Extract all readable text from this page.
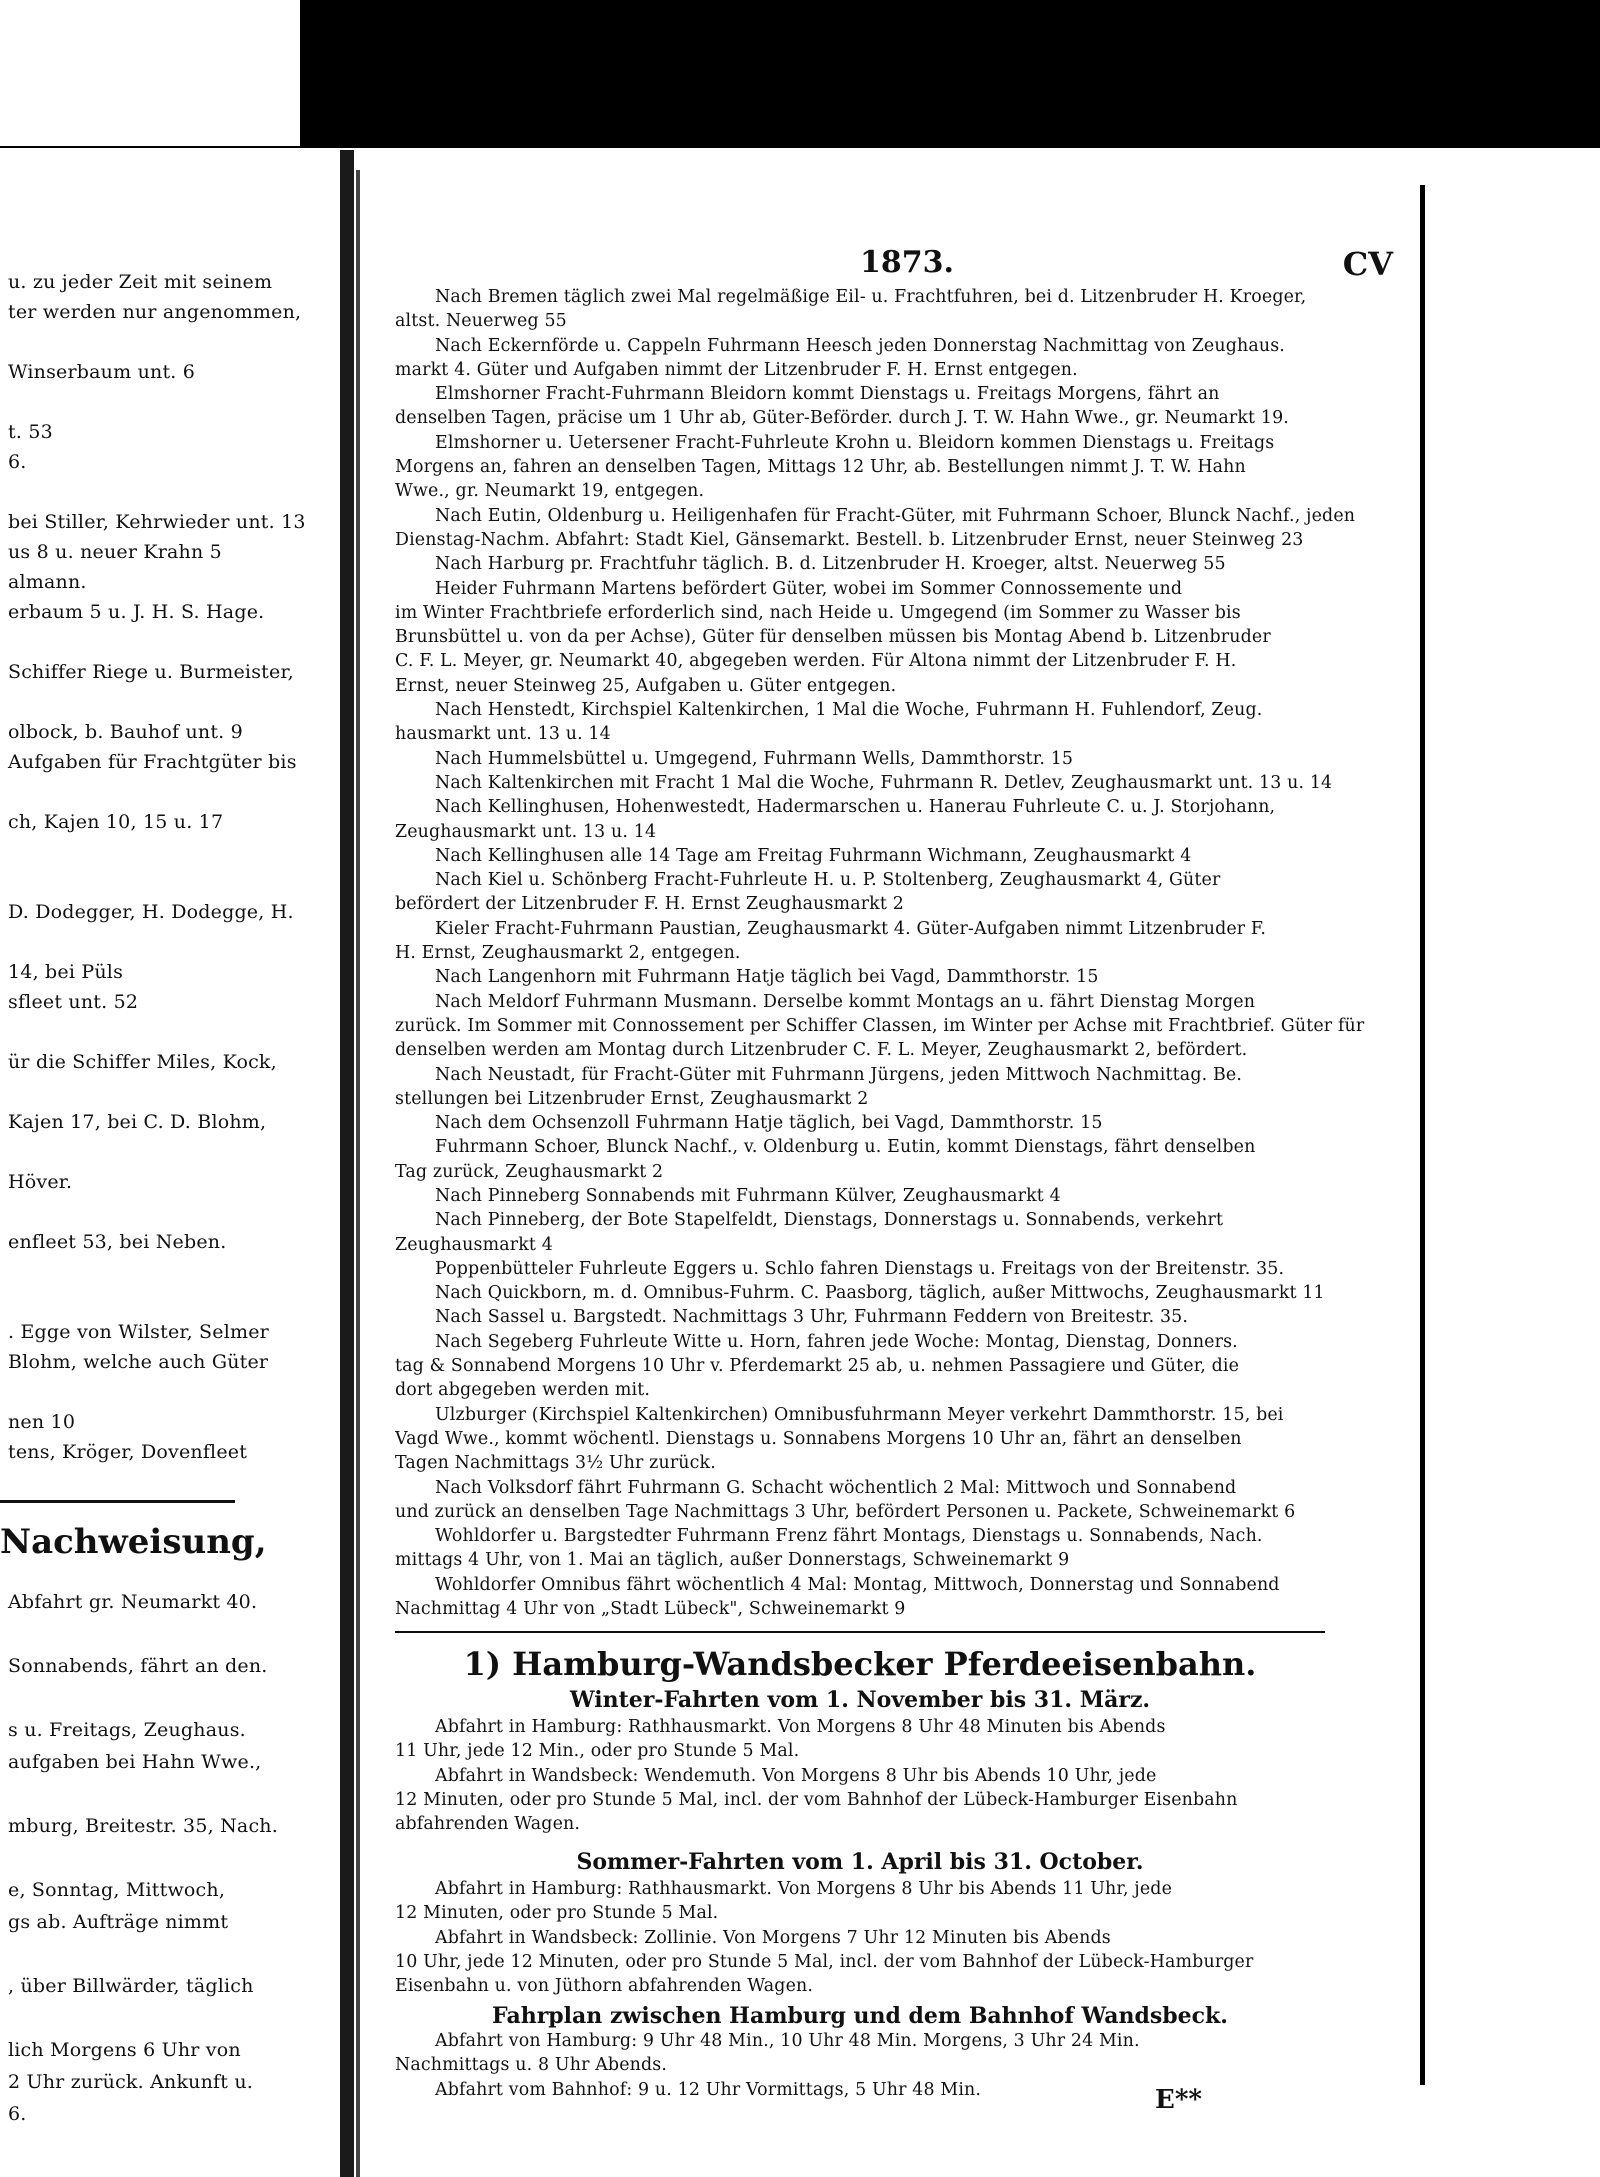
u. zu jeder Zeit mit seinem
ter werden nur angenommen,
Winserbaum unt. 6
t. 53
6.
bei Stiller, Kehrwieder unt. 13
us 8 u. neuer Krahn 5
almann.
erbaum 5 u. J. H. S. Hage.
Schiffer Riege u. Burmeister,
olbock, b. Bauhof unt. 9
Aufgaben für Frachtgüter bis
ch, Kajen 10, 15 u. 17
D. Dodegger, H. Dodegge, H.
14, bei Püls
sfleet unt. 52
ür die Schiffer Miles, Kock,
Kajen 17, bei C. D. Blohm,
Höver.
enfleet 53, bei Neben.
. Egge von Wilster, Selmer
Blohm, welche auch Güter
nen 10
tens, Kröger, Dovenfleet
Nachweisung,
Abfahrt gr. Neumarkt 40.
Sonnabends, fährt an den.
s u. Freitags, Zeughaus.
aufgaben bei Hahn Wwe.,
mburg, Breitestr. 35, Nach.
e, Sonntag, Mittwoch,
gs ab. Aufträge nimmt
, über Billwärder, täglich
lich Morgens 6 Uhr von
2 Uhr zurück. Ankunft u.
6.
1873.	CV
Nach Bremen täglich zwei Mal regelmäßige Eil- u. Frachtfuhren, bei d. Litzenbruder H. Kroeger,
altst. Neuerweg 55
Nach Eckernförde u. Cappeln Fuhrmann Heesch jeden Donnerstag Nachmittag von Zeughaus.
markt 4. Güter und Aufgaben nimmt der Litzenbruder F. H. Ernst entgegen.
Elmshorner Fracht-Fuhrmann Bleidorn kommt Dienstags u. Freitags Morgens, fährt an
denselben Tagen, präcise um 1 Uhr ab, Güter-Beförder. durch J. T. W. Hahn Wwe., gr. Neumarkt 19.
Elmshorner u. Uetersener Fracht-Fuhrleute Krohn u. Bleidorn kommen Dienstags u. Freitags
Morgens an, fahren an denselben Tagen, Mittags 12 Uhr, ab. Bestellungen nimmt J. T. W. Hahn
Wwe., gr. Neumarkt 19, entgegen.
Nach Eutin, Oldenburg u. Heiligenhafen für Fracht-Güter, mit Fuhrmann Schoer, Blunck Nachf., jeden
Dienstag-Nachm. Abfahrt: Stadt Kiel, Gänsemarkt. Bestell. b. Litzenbruder Ernst, neuer Steinweg 23
Nach Harburg pr. Frachtfuhr täglich. B. d. Litzenbruder H. Kroeger, altst. Neuerweg 55
Heider Fuhrmann Martens befördert Güter, wobei im Sommer Connossemente und
im Winter Frachtbriefe erforderlich sind, nach Heide u. Umgegend (im Sommer zu Wasser bis
Brunsbüttel u. von da per Achse), Güter für denselben müssen bis Montag Abend b. Litzenbruder
C. F. L. Meyer, gr. Neumarkt 40, abgegeben werden. Für Altona nimmt der Litzenbruder F. H.
Ernst, neuer Steinweg 25, Aufgaben u. Güter entgegen.
Nach Henstedt, Kirchspiel Kaltenkirchen, 1 Mal die Woche, Fuhrmann H. Fuhlendorf, Zeug.
hausmarkt unt. 13 u. 14
Nach Hummelsbüttel u. Umgegend, Fuhrmann Wells, Dammthorstr. 15
Nach Kaltenkirchen mit Fracht 1 Mal die Woche, Fuhrmann R. Detlev, Zeughausmarkt unt. 13 u. 14
Nach Kellinghusen, Hohenwestedt, Hadermarschen u. Hanerau Fuhrleute C. u. J. Storjohann,
Zeughausmarkt unt. 13 u. 14
Nach Kellinghusen alle 14 Tage am Freitag Fuhrmann Wichmann, Zeughausmarkt 4
Nach Kiel u. Schönberg Fracht-Fuhrleute H. u. P. Stoltenberg, Zeughausmarkt 4, Güter
befördert der Litzenbruder F. H. Ernst Zeughausmarkt 2
Kieler Fracht-Fuhrmann Paustian, Zeughausmarkt 4. Güter-Aufgaben nimmt Litzenbruder F.
H. Ernst, Zeughausmarkt 2, entgegen.
Nach Langenhorn mit Fuhrmann Hatje täglich bei Vagd, Dammthorstr. 15
Nach Meldorf Fuhrmann Musmann. Derselbe kommt Montags an u. fährt Dienstag Morgen
zurück. Im Sommer mit Connossement per Schiffer Classen, im Winter per Achse mit Frachtbrief. Güter für
denselben werden am Montag durch Litzenbruder C. F. L. Meyer, Zeughausmarkt 2, befördert.
Nach Neustadt, für Fracht-Güter mit Fuhrmann Jürgens, jeden Mittwoch Nachmittag. Be.
stellungen bei Litzenbruder Ernst, Zeughausmarkt 2
Nach dem Ochsenzoll Fuhrmann Hatje täglich, bei Vagd, Dammthorstr. 15
Fuhrmann Schoer, Blunck Nachf., v. Oldenburg u. Eutin, kommt Dienstags, fährt denselben
Tag zurück, Zeughausmarkt 2
Nach Pinneberg Sonnabends mit Fuhrmann Külver, Zeughausmarkt 4
Nach Pinneberg, der Bote Stapelfeldt, Dienstags, Donnerstags u. Sonnabends, verkehrt
Zeughausmarkt 4
Poppenbütteler Fuhrleute Eggers u. Schlo fahren Dienstags u. Freitags von der Breitenstr. 35.
Nach Quickborn, m. d. Omnibus-Fuhrm. C. Paasborg, täglich, außer Mittwochs, Zeughausmarkt 11
Nach Sassel u. Bargstedt. Nachmittags 3 Uhr, Fuhrmann Feddern von Breitestr. 35.
Nach Segeberg Fuhrleute Witte u. Horn, fahren jede Woche: Montag, Dienstag, Donners.
tag & Sonnabend Morgens 10 Uhr v. Pferdemarkt 25 ab, u. nehmen Passagiere und Güter, die
dort abgegeben werden mit.
Ulzburger (Kirchspiel Kaltenkirchen) Omnibusfuhrmann Meyer verkehrt Dammthorstr. 15, bei
Vagd Wwe., kommt wöchentl. Dienstags u. Sonnabens Morgens 10 Uhr an, fährt an denselben
Tagen Nachmittags 3½ Uhr zurück.
Nach Volksdorf fährt Fuhrmann G. Schacht wöchentlich 2 Mal: Mittwoch und Sonnabend
und zurück an denselben Tage Nachmittags 3 Uhr, befördert Personen u. Packete, Schweinemarkt 6
Wohldorfer u. Bargstedter Fuhrmann Frenz fährt Montags, Dienstags u. Sonnabends, Nach.
mittags 4 Uhr, von 1. Mai an täglich, außer Donnerstags, Schweinemarkt 9
Wohldorfer Omnibus fährt wöchentlich 4 Mal: Montag, Mittwoch, Donnerstag und Sonnabend
Nachmittag 4 Uhr von „Stadt Lübeck", Schweinemarkt 9
1) Hamburg-Wandsbecker Pferdeeisenbahn.
Winter-Fahrten vom 1. November bis 31. März.
Abfahrt in Hamburg: Rathhausmarkt. Von Morgens 8 Uhr 48 Minuten bis Abends
11 Uhr, jede 12 Min., oder pro Stunde 5 Mal.
Abfahrt in Wandsbeck: Wendemuth. Von Morgens 8 Uhr bis Abends 10 Uhr, jede
12 Minuten, oder pro Stunde 5 Mal, incl. der vom Bahnhof der Lübeck-Hamburger Eisenbahn
abfahrenden Wagen.
Sommer-Fahrten vom 1. April bis 31. October.
Abfahrt in Hamburg: Rathhausmarkt. Von Morgens 8 Uhr bis Abends 11 Uhr, jede
12 Minuten, oder pro Stunde 5 Mal.
Abfahrt in Wandsbeck: Zollinie. Von Morgens 7 Uhr 12 Minuten bis Abends
10 Uhr, jede 12 Minuten, oder pro Stunde 5 Mal, incl. der vom Bahnhof der Lübeck-Hamburger
Eisenbahn u. von Jüthorn abfahrenden Wagen.
Fahrplan zwischen Hamburg und dem Bahnhof Wandsbeck.
Abfahrt von Hamburg: 9 Uhr 48 Min., 10 Uhr 48 Min. Morgens, 3 Uhr 24 Min.
Nachmittags u. 8 Uhr Abends.
Abfahrt vom Bahnhof: 9 u. 12 Uhr Vormittags, 5 Uhr 48 Min.	E**
